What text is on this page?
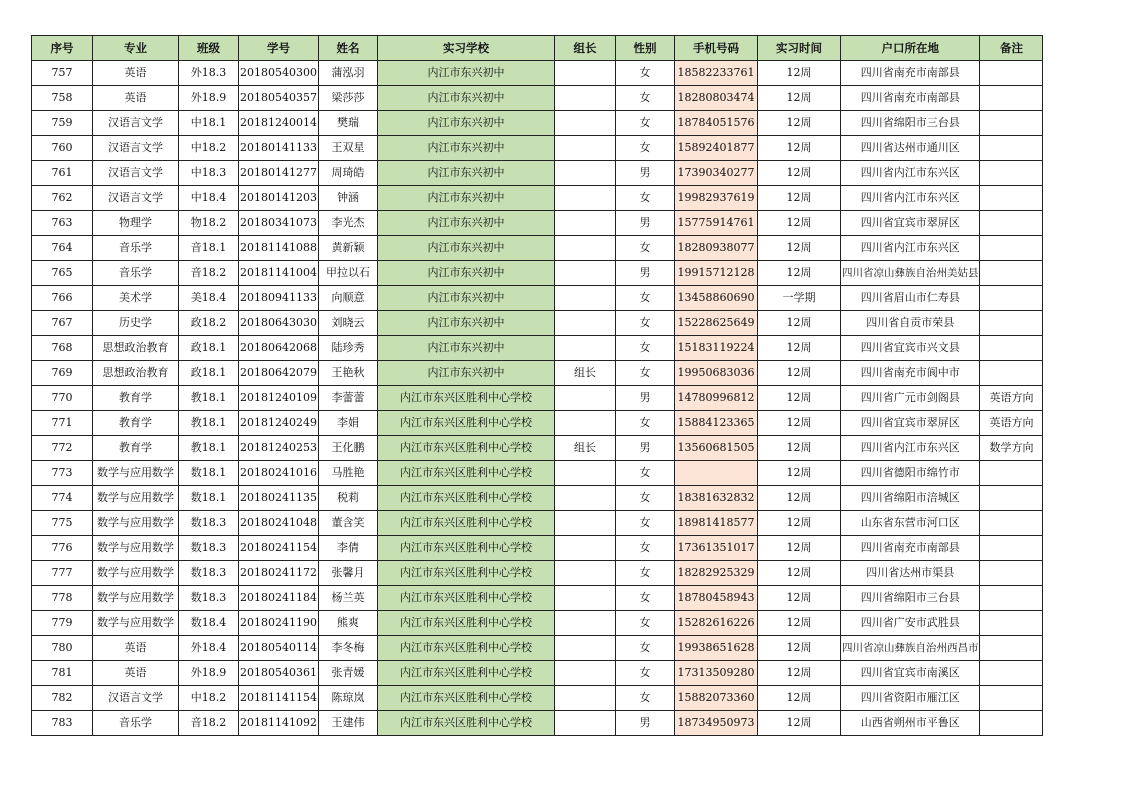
序号	专业	班级	学号	姓名	实习学校	组长	性别	手机号码	实习时间	户口所在地	备注
757	英语	外18.3	20180540300	蒲泓羽	内江市东兴初中		女	18582233761	12周	四川省南充市南部县	
758	英语	外18.9	20180540357	梁莎莎	内江市东兴初中		女	18280803474	12周	四川省南充市南部县	
759	汉语言文学	中18.1	20181240014	樊瑞	内江市东兴初中		女	18784051576	12周	四川省绵阳市三台县	
760	汉语言文学	中18.2	20180141133	王双星	内江市东兴初中		女	15892401877	12周	四川省达州市通川区	
761	汉语言文学	中18.3	20180141277	周琦皓	内江市东兴初中		男	17390340277	12周	四川省内江市东兴区	
762	汉语言文学	中18.4	20180141203	钟涵	内江市东兴初中		女	19982937619	12周	四川省内江市东兴区	
763	物理学	物18.2	20180341073	李光杰	内江市东兴初中		男	15775914761	12周	四川省宜宾市翠屏区	
764	音乐学	音18.1	20181141088	黄新颖	内江市东兴初中		女	18280938077	12周	四川省内江市东兴区	
765	音乐学	音18.2	20181141004	甲拉以石	内江市东兴初中		男	19915712128	12周	四川省凉山彝族自治州美姑县	
766	美术学	美18.4	20180941133	向顺意	内江市东兴初中		女	13458860690	一学期	四川省眉山市仁寿县	
767	历史学	政18.2	20180643030	刘晓云	内江市东兴初中		女	15228625649	12周	四川省自贡市荣县	
768	思想政治教育	政18.1	20180642068	陆珍秀	内江市东兴初中		女	15183119224	12周	四川省宜宾市兴文县	
769	思想政治教育	政18.1	20180642079	王艳秋	内江市东兴初中	组长	女	19950683036	12周	四川省南充市阆中市	
770	教育学	教18.1	20181240109	李蕾蕾	内江市东兴区胜利中心学校		男	14780996812	12周	四川省广元市剑阁县	英语方向
771	教育学	教18.1	20181240249	李娟	内江市东兴区胜利中心学校		女	15884123365	12周	四川省宜宾市翠屏区	英语方向
772	教育学	教18.1	20181240253	王化鹏	内江市东兴区胜利中心学校	组长	男	13560681505	12周	四川省内江市东兴区	数学方向
773	数学与应用数学	数18.1	20180241016	马胜艳	内江市东兴区胜利中心学校		女		12周	四川省德阳市绵竹市	
774	数学与应用数学	数18.1	20180241135	税莉	内江市东兴区胜利中心学校		女	18381632832	12周	四川省绵阳市涪城区	
775	数学与应用数学	数18.3	20180241048	董含笑	内江市东兴区胜利中心学校		女	18981418577	12周	山东省东营市河口区	
776	数学与应用数学	数18.3	20180241154	李倩	内江市东兴区胜利中心学校		女	17361351017	12周	四川省南充市南部县	
777	数学与应用数学	数18.3	20180241172	张馨月	内江市东兴区胜利中心学校		女	18282925329	12周	四川省达州市渠县	
778	数学与应用数学	数18.3	20180241184	杨兰英	内江市东兴区胜利中心学校		女	18780458943	12周	四川省绵阳市三台县	
779	数学与应用数学	数18.4	20180241190	熊爽	内江市东兴区胜利中心学校		女	15282616226	12周	四川省广安市武胜县	
780	英语	外18.4	20180540114	李冬梅	内江市东兴区胜利中心学校		女	19938651628	12周	四川省凉山彝族自治州西昌市	
781	英语	外18.9	20180540361	张青媛	内江市东兴区胜利中心学校		女	17313509280	12周	四川省宜宾市南溪区	
782	汉语言文学	中18.2	20181141154	陈琼岚	内江市东兴区胜利中心学校		女	15882073360	12周	四川省资阳市雁江区	
783	音乐学	音18.2	20181141092	王建伟	内江市东兴区胜利中心学校		男	18734950973	12周	山西省朔州市平鲁区	
